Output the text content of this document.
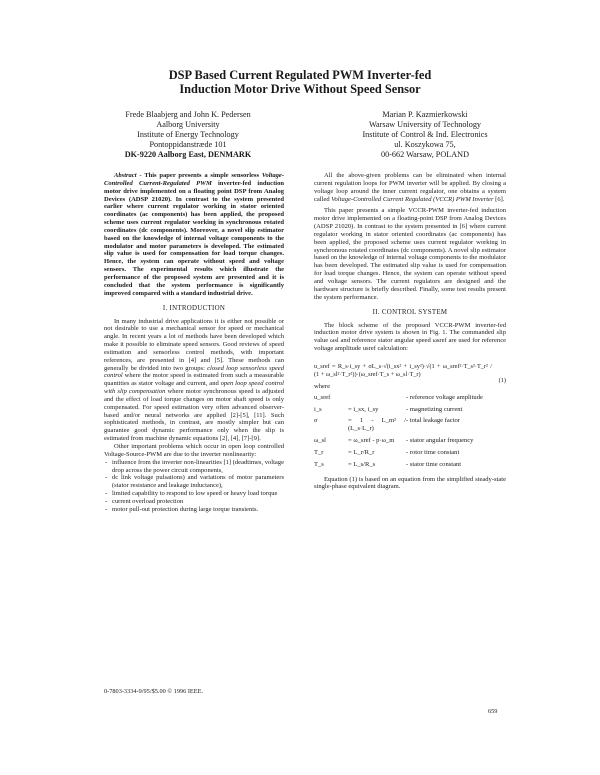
DSP Based Current Regulated PWM Inverter-fed
Induction Motor Drive Without Speed Sensor
Frede Blaabjerg and John K. Pedersen
Aalborg University
Institute of Energy Technology
Pontoppidanstræde 101
DK-9220 Aalborg East, DENMARK
Marian P. Kazmierkowski
Warsaw University of Technology
Institute of Control & Ind. Electronics
ul. Koszykowa 75,
00-662 Warsaw, POLAND

Abstract - This paper presents a simple sensorless Voltage-Controlled Current-Regulated PWM inverter-fed induction motor drive implemented on a floating point DSP from Analog Devices (ADSP 21020). In contrast to the system presented earlier where current regulator working in stator oriented coordinates (ac components) has been applied, the proposed scheme uses current regulator working in synchronous rotated coordinates (dc components). Moreover, a novel slip estimator based on the knowledge of internal voltage components to the modulator and motor parameters is developed. The estimated slip value is used for compensation for load torque changes. Hence, the system can operate without speed and voltage sensors. The experimental results which illustrate the performance of the proposed system are presented and it is concluded that the system performance is significantly improved compared with a standard industrial drive.

I. INTRODUCTION

In many industrial drive applications it is either not possible or not desirable to use a mechanical sensor for speed or mechanical angle. In recent years a lot of methods have been developed which make it possible to eliminate speed sensors. Good reviews of speed estimation and sensorless control methods, with important references, are presented in [4] and [5]. These methods can generally be divided into two groups: closed loop sensorless speed control where the motor speed is estimated from such a measurable quantities as stator voltage and current, and open loop speed control with slip compensation where motor synchronous speed is adjusted and the effect of load torque changes on motor shaft speed is only compensated. For speed estimation very often advanced observer-based and/or neural networks are applied [2]-[5], [11]. Such sophisticated methods, in contrast, are mostly simpler but can guarantee good dynamic performance only when the slip is estimated from machine dynamic equations [2], [4], [7]-[9].

Other important problems which occur in open loop controlled Voltage-Source-PWM are due to the inverter nonlinearity:

- influence from the inverter non-linearities [1] (deadtimes, voltage drop across the power circuit components,
- dc link voltage pulsations) and variations of motor parameters (stator resistance and leakage inductance),
- limited capability to respond to low speed or heavy load torque
- current overload protection
- motor pull-out protection during large torque transients.

All the above-given problems can be eliminated when internal current regulation loops for PWM inverter will be applied. By closing a voltage loop around the inner current regulator, one obtains a system called Voltage-Controlled Current Regulated (VCCR) PWM Inverter [6].

This paper presents a simple VCCR-PWM inverter-fed induction motor drive implemented on a floating-point DSP from Analog Devices (ADSP 21020). In contrast to the system presented in [6] where current regulator working in stator oriented coordinates (ac components) has been applied, the proposed scheme uses current regulator working in synchronous rotated coordinates (dc components). A novel slip estimator based on the knowledge of internal voltage components to the modulator has been developed. The estimated slip value is used for compensation for load torque changes. Hence, the system can operate without speed and voltage sensors. The current regulators are designed and the hardware structure is briefly described. Finally, some test results present the system performance.

II. CONTROL SYSTEM

The block scheme of the proposed VCCR-PWM inverter-fed induction motor drive system is shown in Fig. 1. The commanded slip value ωsl and reference stator angular speed ωsref are used for reference voltage amplitude usref calculation:

u_sref = R_s·i_sy + σL_s·√(i_sx² + i_sy²)·√(1 + ω_sref²·T_s²·T_r² / (1 + ω_sl²·T_r²))·(ω_sref·T_s + ω_sl·T_r)
(1)

where

u_sref		- reference voltage amplitude
i_s	= i_sx, i_sy	- magnetizing current
σ	= 1 - L_m² / (L_s·L_r)	- total leakage factor
ω_sl	= ω_sref - p·ω_m	- stator angular frequency
T_r	= L_r/R_r	- rotor time constant
T_s	= L_s/R_s	- stator time constant

Equation (1) is based on an equation from the simplified steady-state single-phase equivalent diagram.

0-7803-3334-9/95/$5.00 © 1996 IEEE.
659
